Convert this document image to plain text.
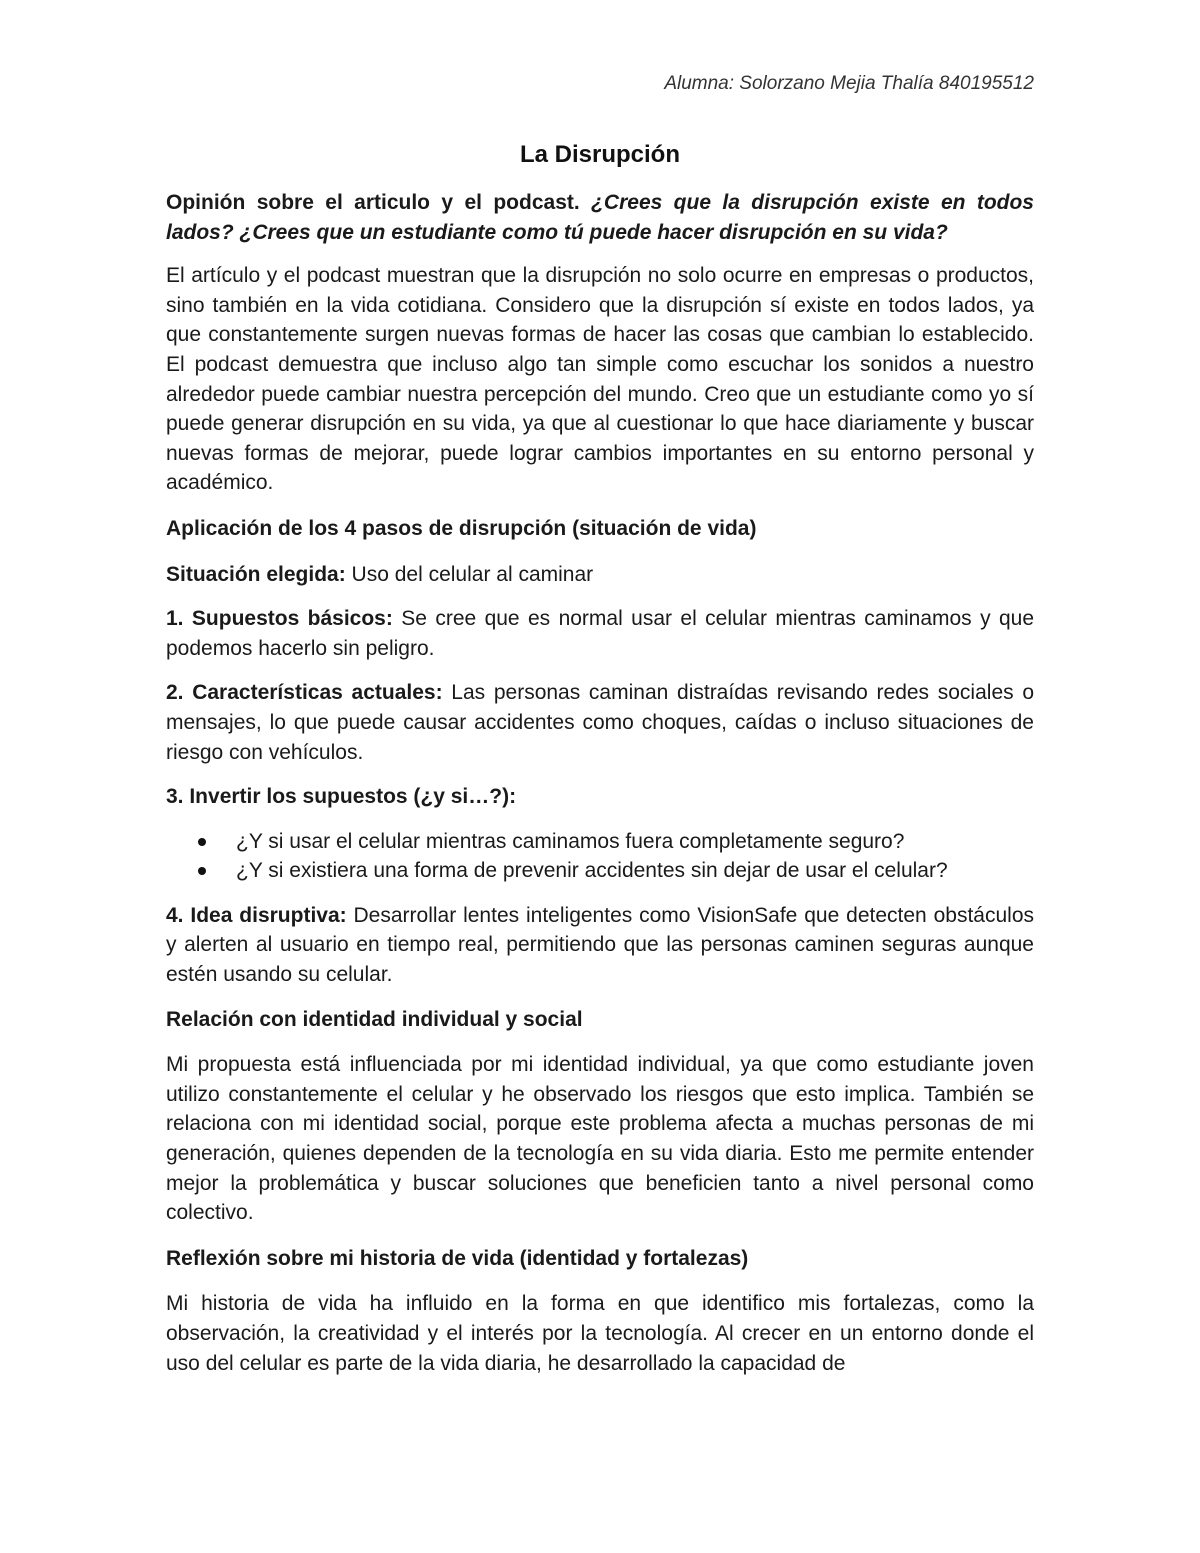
Alumna: Solorzano Mejia Thalía 840195512
La Disrupción

Opinión sobre el articulo y el podcast. ¿Crees que la disrupción existe en todos lados? ¿Crees que un estudiante como tú puede hacer disrupción en su vida?

El artículo y el podcast muestran que la disrupción no solo ocurre en empresas o productos, sino también en la vida cotidiana. Considero que la disrupción sí existe en todos lados, ya que constantemente surgen nuevas formas de hacer las cosas que cambian lo establecido. El podcast demuestra que incluso algo tan simple como escuchar los sonidos a nuestro alrededor puede cambiar nuestra percepción del mundo. Creo que un estudiante como yo sí puede generar disrupción en su vida, ya que al cuestionar lo que hace diariamente y buscar nuevas formas de mejorar, puede lograr cambios importantes en su entorno personal y académico.

Aplicación de los 4 pasos de disrupción (situación de vida)

Situación elegida: Uso del celular al caminar

1. Supuestos básicos: Se cree que es normal usar el celular mientras caminamos y que podemos hacerlo sin peligro.

2. Características actuales: Las personas caminan distraídas revisando redes sociales o mensajes, lo que puede causar accidentes como choques, caídas o incluso situaciones de riesgo con vehículos.

3. Invertir los supuestos (¿y si…?):

¿Y si usar el celular mientras caminamos fuera completamente seguro?
¿Y si existiera una forma de prevenir accidentes sin dejar de usar el celular?

4. Idea disruptiva: Desarrollar lentes inteligentes como VisionSafe que detecten obstáculos y alerten al usuario en tiempo real, permitiendo que las personas caminen seguras aunque estén usando su celular.

Relación con identidad individual y social

Mi propuesta está influenciada por mi identidad individual, ya que como estudiante joven utilizo constantemente el celular y he observado los riesgos que esto implica. También se relaciona con mi identidad social, porque este problema afecta a muchas personas de mi generación, quienes dependen de la tecnología en su vida diaria. Esto me permite entender mejor la problemática y buscar soluciones que beneficien tanto a nivel personal como colectivo.

Reflexión sobre mi historia de vida (identidad y fortalezas)

Mi historia de vida ha influido en la forma en que identifico mis fortalezas, como la observación, la creatividad y el interés por la tecnología. Al crecer en un entorno donde el uso del celular es parte de la vida diaria, he desarrollado la capacidad de
